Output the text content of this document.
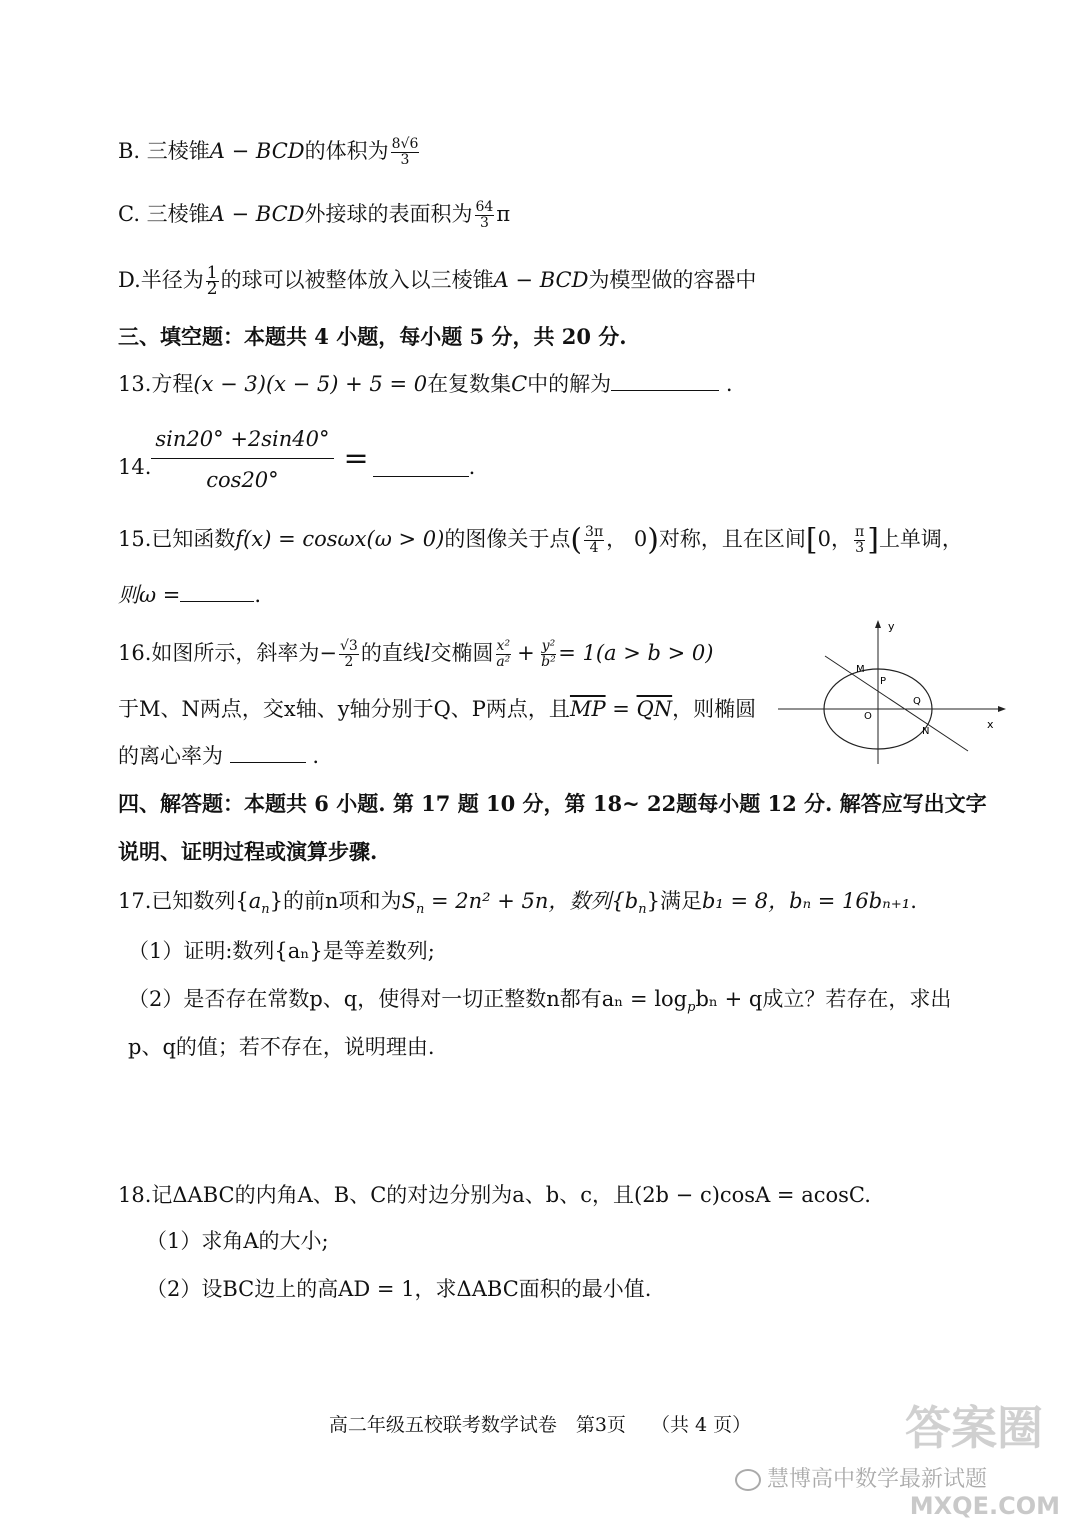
B. 三棱锥A − BCD的体积为 $\frac{8√6}{3}$
C. 三棱锥A − BCD外接球的表面积为 $\frac{64}{3}$ π
D.半径为 $\frac{1}{2}$ 的球可以被整体放入以三棱锥A − BCD为模型做的容器中
三、填空题：本题共 4 小题，每小题 5 分，共 20 分.
13.方程(x − 3)(x − 5) + 5 = 0在复数集C中的解为	.
14. $\frac{\sin 20^\circ +2\sin 40^\circ}{\cos 20^\circ}$ =	.
15.已知函数f(x) = cosωx(ω > 0)的图像关于点( $\frac{3\pi}{4}$ ， 0)对称，且在区间[0， $\frac{\pi}{3}$ ]上单调，
则ω =	.
16.如图所示，斜率为− $\frac{√3}{2}$ 的直线l交椭圆 $\frac{\text{x²}}{\text{a²}} + \frac{\text{y²}}{\text{b²}} = 1(a > b > 0)$
于M、N两点，交x轴、y轴分别于Q、P两点，且$\overline{MP} = \overline{QN}$，则椭圆
的离心率为	.
y
x
M
P
Q
O
N
四、解答题：本题共 6 小题. 第 17 题 10 分，第 18~ 22题每小题 12 分. 解答应写出文字
说明、证明过程或演算步骤.
17.已知数列$\{a_n\}$的前n项和为$S_n = 2n^2 + 5n$，数列$\{b_n\}$满足b₁ = 8，bₙ = 16bₙ₊₁.
（1）证明:数列{aₙ}是等差数列;
（2）是否存在常数p、q，使得对一切正整数n都有$a_n = \log_pb_n + q$成立？若存在，求出
p、q的值；若不存在，说明理由.
18.记ΔABC的内角A、B、C的对边分别为a、b、c，且(2b − c)cosA = acosC.
（1）求角A的大小;
（2）设BC边上的高AD = 1，求ΔABC面积的最小值.
高二年级五校联考数学试卷　第3页　 （共 4 页）	答案圈
慧博高中数学最新试题
MXQE.COM
